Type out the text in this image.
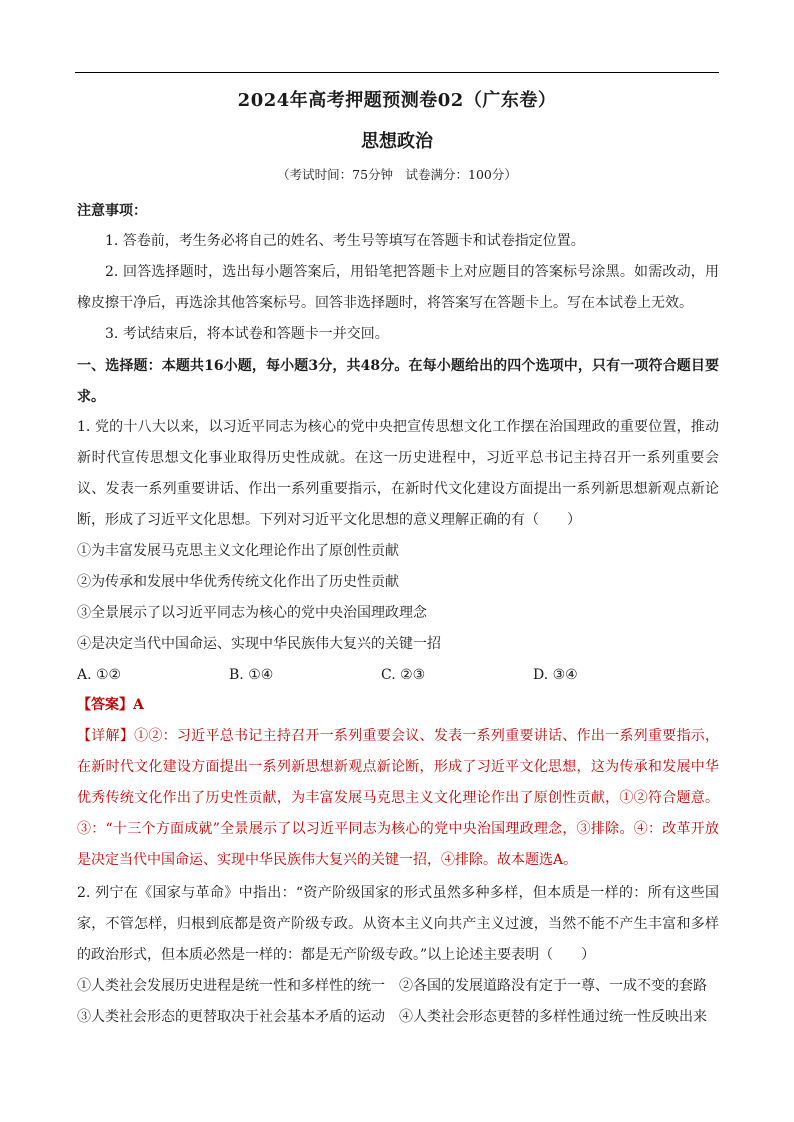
2024年高考押题预测卷02（广东卷）
思想政治
（考试时间：75分钟　试卷满分：100分）
注意事项：

1. 答卷前，考生务必将自己的姓名、考生号等填写在答题卡和试卷指定位置。

2. 回答选择题时，选出每小题答案后，用铅笔把答题卡上对应题目的答案标号涂黑。如需改动，用橡皮擦干净后，再选涂其他答案标号。回答非选择题时，将答案写在答题卡上。写在本试卷上无效。

3. 考试结束后，将本试卷和答题卡一并交回。

一、选择题：本题共16小题，每小题3分，共48分。在每小题给出的四个选项中，只有一项符合题目要求。

1. 党的十八大以来，以习近平同志为核心的党中央把宣传思想文化工作摆在治国理政的重要位置，推动新时代宣传思想文化事业取得历史性成就。在这一历史进程中，习近平总书记主持召开一系列重要会议、发表一系列重要讲话、作出一系列重要指示，在新时代文化建设方面提出一系列新思想新观点新论断，形成了习近平文化思想。下列对习近平文化思想的意义理解正确的有（　　）

①为丰富发展马克思主义文化理论作出了原创性贡献

②为传承和发展中华优秀传统文化作出了历史性贡献

③全景展示了以习近平同志为核心的党中央治国理政理念

④是决定当代中国命运、实现中华民族伟大复兴的关键一招

A. ①②	B. ①④	C. ②③	D. ③④

【答案】A

【详解】①②：习近平总书记主持召开一系列重要会议、发表一系列重要讲话、作出一系列重要指示，在新时代文化建设方面提出一系列新思想新观点新论断，形成了习近平文化思想，这为传承和发展中华优秀传统文化作出了历史性贡献，为丰富发展马克思主义文化理论作出了原创性贡献，①②符合题意。③：“十三个方面成就”全景展示了以习近平同志为核心的党中央治国理政理念，③排除。④：改革开放是决定当代中国命运、实现中华民族伟大复兴的关键一招，④排除。故本题选A。

2. 列宁在《国家与革命》中指出：“资产阶级国家的形式虽然多种多样，但本质是一样的：所有这些国家，不管怎样，归根到底都是资产阶级专政。从资本主义向共产主义过渡，当然不能不产生丰富和多样的政治形式，但本质必然是一样的：都是无产阶级专政。”以上论述主要表明（　　）

①人类社会发展历史进程是统一性和多样性的统一　②各国的发展道路没有定于一尊、一成不变的套路

③人类社会形态的更替取决于社会基本矛盾的运动　④人类社会形态更替的多样性通过统一性反映出来
